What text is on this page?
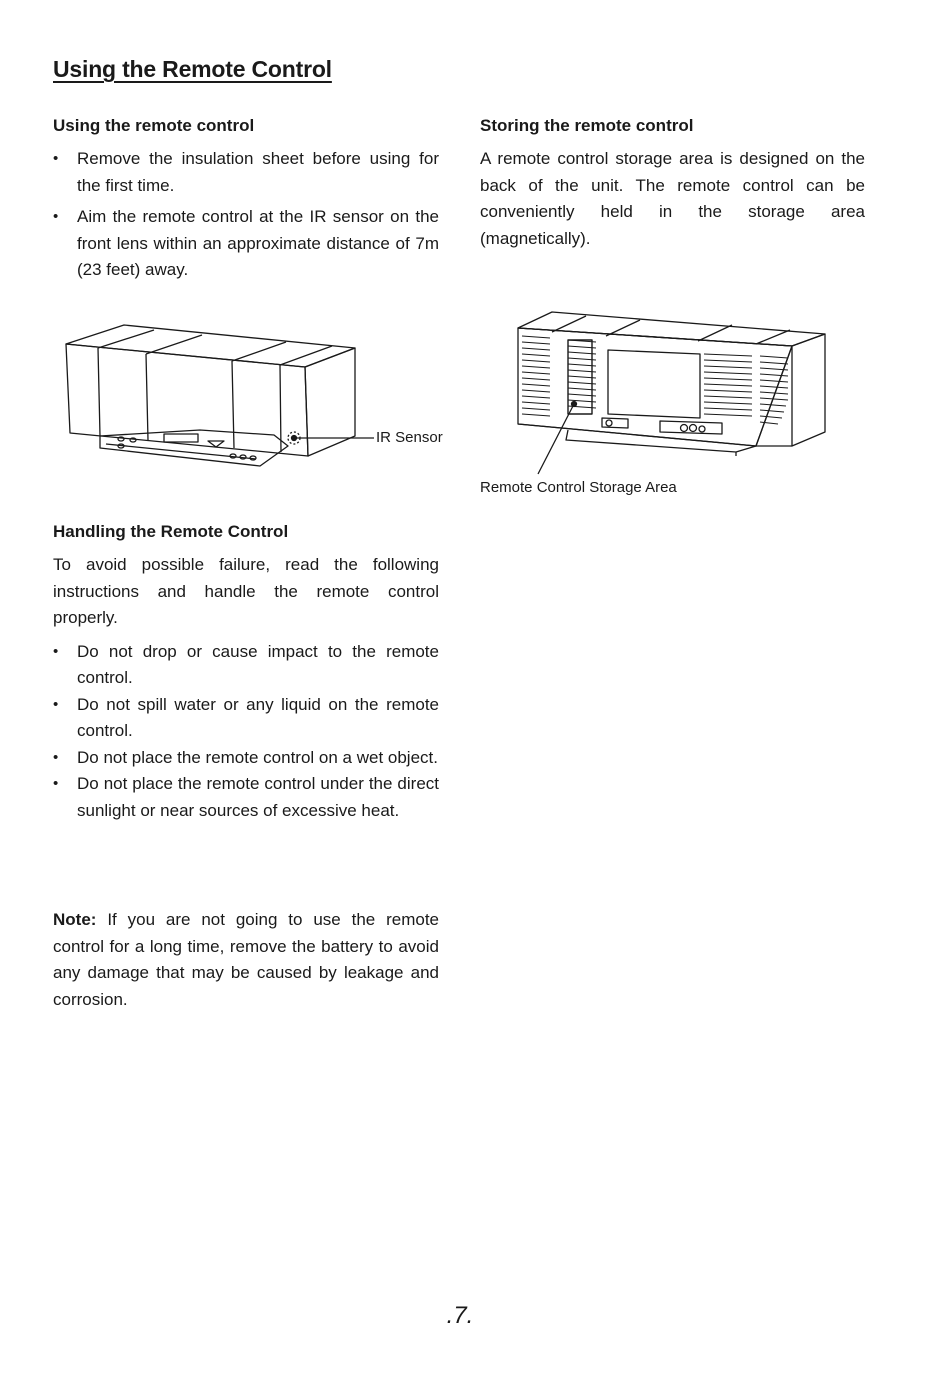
Using the Remote Control
Using the remote control
• Remove the insulation sheet before using for the first time.
• Aim the remote control at the IR sensor on the front lens within an approximate distance of 7m (23 feet) away.
Storing the remote control

A remote control storage area is designed on the back of the unit. The remote control can be conveniently held in the storage area (magnetically).

IR Sensor
Remote Control Storage Area
Handling the Remote Control

To avoid possible failure, read the following instructions and handle the remote control properly.

• Do not drop or cause impact to the remote control.
• Do not spill water or any liquid on the remote control.
• Do not place the remote control on a wet object.
• Do not place the remote control under the direct sunlight or near sources of excessive heat.

Note: If you are not going to use the remote control for a long time, remove the battery to avoid any damage that may be caused by leakage and corrosion.

.7.
